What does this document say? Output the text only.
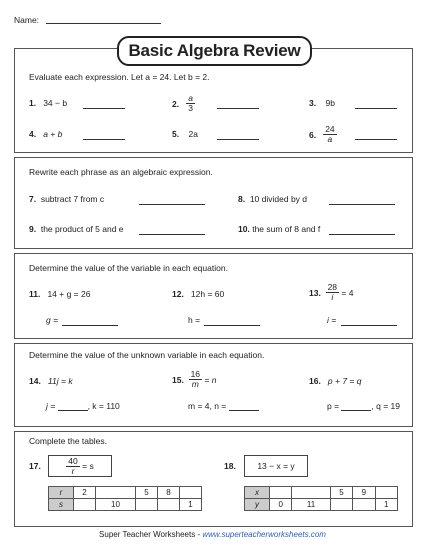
Name:
Basic Algebra Review
Evaluate each expression. Let a = 24. Let b = 2.
1. 34 − b	2.
$\frac{a}{3}$	3. 9b
4. a + b	5. 2a	6.
$\frac{24}{a}$
Rewrite each phrase as an algebraic expression.
7. subtract 7 from c	8. 10 divided by d
9. the product of 5 and e	10. the sum of 8 and f
Determine the value of the variable in each equation.
11. 14 + g = 26
g =
12. 12h = 60
h =
13.
$\frac{28}{i}$
= 4
i =
Determine the value of the unknown variable in each equation.
14. 11j = k
j =	, k = 110
15.
$\frac{16}{m}$
= n
m = 4, n =
16. p + 7 = q
p =	, q = 19
Complete the tables.
17.	$\frac{40}{r}$
= s
r	2		5	8	
s		10			1
18.	13 − x = y
x			5	9	
y	0	11			1
Super Teacher Worksheets - www.superteacherworksheets.com
